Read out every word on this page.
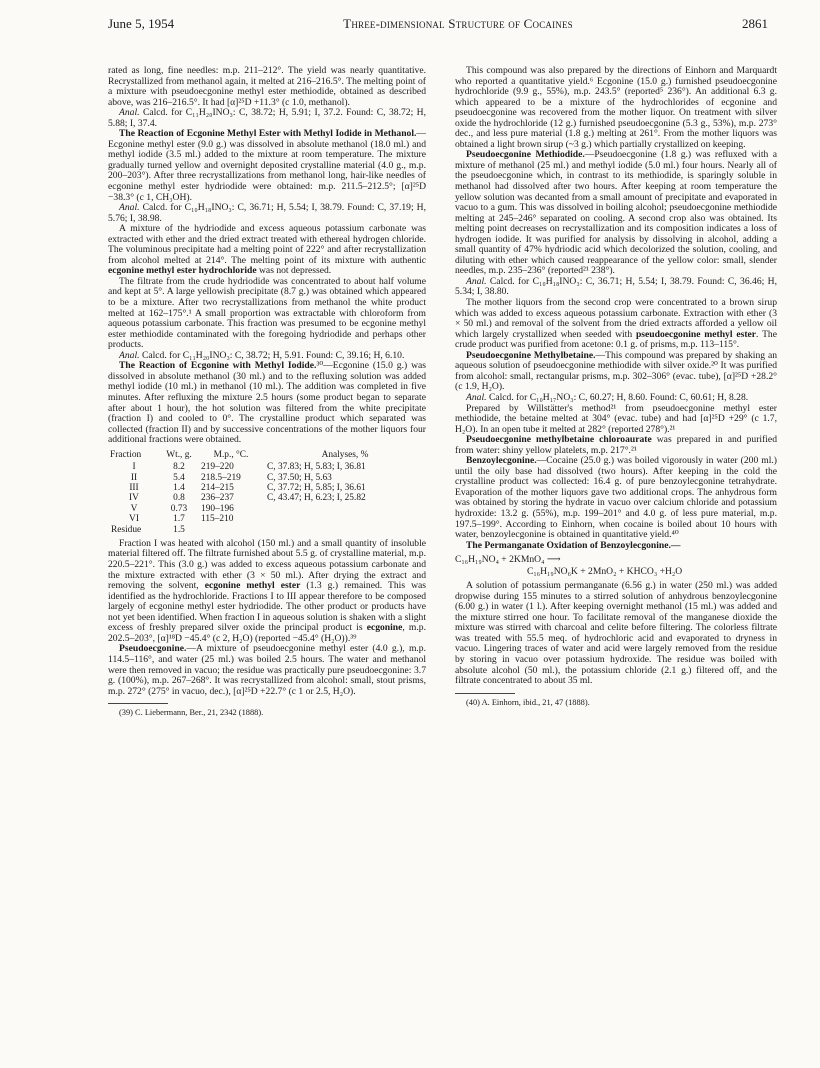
June 5, 1954	Three-dimensional Structure of Cocaines	2861

rated as long, fine needles: m.p. 211–212°. The yield was nearly quantitative. Recrystallized from methanol again, it melted at 216–216.5°. The melting point of a mixture with pseudoecgonine methyl ester methiodide, obtained as described above, was 216–216.5°. It had [α]²⁵D +11.3° (c 1.0, methanol).

Anal. Calcd. for C₁₁H₂₀INO₃: C, 38.72; H, 5.91; I, 37.2. Found: C, 38.72; H, 5.88; I, 37.4.

The Reaction of Ecgonine Methyl Ester with Methyl Iodide in Methanol.—Ecgonine methyl ester (9.0 g.) was dissolved in absolute methanol (18.0 ml.) and methyl iodide (3.5 ml.) added to the mixture at room temperature. The mixture gradually turned yellow and overnight deposited crystalline material (4.0 g., m.p. 200–203°). After three recrystallizations from methanol long, hair-like needles of ecgonine methyl ester hydriodide were obtained: m.p. 211.5–212.5°; [α]²⁵D −38.3° (c 1, CH₃OH).

Anal. Calcd. for C₁₀H₁₈INO₃: C, 36.71; H, 5.54; I, 38.79. Found: C, 37.19; H, 5.76; I, 38.98.

A mixture of the hydriodide and excess aqueous potassium carbonate was extracted with ether and the dried extract treated with ethereal hydrogen chloride. The voluminous precipitate had a melting point of 222° and after recrystallization from alcohol melted at 214°. The melting point of its mixture with authentic ecgonine methyl ester hydrochloride was not depressed.

The filtrate from the crude hydriodide was concentrated to about half volume and kept at 5°. A large yellowish precipitate (8.7 g.) was obtained which appeared to be a mixture. After two recrystallizations from methanol the white product melted at 162–175°.¹ A small proportion was extractable with chloroform from aqueous potassium carbonate. This fraction was presumed to be ecgonine methyl ester methiodide contaminated with the foregoing hydriodide and perhaps other products.

Anal. Calcd. for C₁₁H₂₀INO₃: C, 38.72; H, 5.91. Found: C, 39.16; H, 6.10.

The Reaction of Ecgonine with Methyl Iodide.³⁰—Ecgonine (15.0 g.) was dissolved in absolute methanol (30 ml.) and to the refluxing solution was added methyl iodide (10 ml.) in methanol (10 ml.). The addition was completed in five minutes. After refluxing the mixture 2.5 hours (some product began to separate after about 1 hour), the hot solution was filtered from the white precipitate (fraction I) and cooled to 0°. The crystalline product which separated was collected (fraction II) and by successive concentrations of the mother liquors four additional fractions were obtained.

Fraction	Wt., g.	M.p., °C.	Analyses, %
I	8.2	219–220	C, 37.83; H, 5.83; I, 36.81
II	5.4	218.5–219	C, 37.50; H, 5.63
III	1.4	214–215	C, 37.72; H, 5.85; I, 36.61
IV	0.8	236–237	C, 43.47; H, 6.23; I, 25.82
V	0.73	190–196	
VI	1.7	115–210	
Residue	1.5		

Fraction I was heated with alcohol (150 ml.) and a small quantity of insoluble material filtered off. The filtrate furnished about 5.5 g. of crystalline material, m.p. 220.5–221°. This (3.0 g.) was added to excess aqueous potassium carbonate and the mixture extracted with ether (3 × 50 ml.). After drying the extract and removing the solvent, ecgonine methyl ester (1.3 g.) remained. This was identified as the hydrochloride. Fractions I to III appear therefore to be composed largely of ecgonine methyl ester hydriodide. The other product or products have not yet been identified. When fraction I in aqueous solution is shaken with a slight excess of freshly prepared silver oxide the principal product is ecgonine, m.p. 202.5–203°, [α]¹⁸D −45.4° (c 2, H₂O) (reported −45.4° (H₂O)).³⁹

Pseudoecgonine.—A mixture of pseudoecgonine methyl ester (4.0 g.), m.p. 114.5–116°, and water (25 ml.) was boiled 2.5 hours. The water and methanol were then removed in vacuo; the residue was practically pure pseudoecgonine: 3.7 g. (100%), m.p. 267–268°. It was recrystallized from alcohol: small, stout prisms, m.p. 272° (275° in vacuo, dec.), [α]²⁵D +22.7° (c 1 or 2.5, H₂O).

(39) C. Liebermann, Ber., 21, 2342 (1888).

This compound was also prepared by the directions of Einhorn and Marquardt who reported a quantitative yield.⁶ Ecgonine (15.0 g.) furnished pseudoecgonine hydrochloride (9.9 g., 55%), m.p. 243.5° (reported⁵ 236°). An additional 6.3 g. which appeared to be a mixture of the hydrochlorides of ecgonine and pseudoecgonine was recovered from the mother liquor. On treatment with silver oxide the hydrochloride (12 g.) furnished pseudoecgonine (5.3 g., 53%), m.p. 273° dec., and less pure material (1.8 g.) melting at 261°. From the mother liquors was obtained a light brown sirup (~3 g.) which partially crystallized on keeping.

Pseudoecgonine Methiodide.—Pseudoecgonine (1.8 g.) was refluxed with a mixture of methanol (25 ml.) and methyl iodide (5.0 ml.) four hours. Nearly all of the pseudoecgonine which, in contrast to its methiodide, is sparingly soluble in methanol had dissolved after two hours. After keeping at room temperature the yellow solution was decanted from a small amount of precipitate and evaporated in vacuo to a gum. This was dissolved in boiling alcohol; pseudoecgonine methiodide melting at 245–246° separated on cooling. A second crop also was obtained. Its melting point decreases on recrystallization and its composition indicates a loss of hydrogen iodide. It was purified for analysis by dissolving in alcohol, adding a small quantity of 47% hydriodic acid which decolorized the solution, cooling, and diluting with ether which caused reappearance of the yellow color: small, slender needles, m.p. 235–236° (reported²¹ 238°).

Anal. Calcd. for C₁₀H₁₈INO₃: C, 36.71; H, 5.54; I, 38.79. Found: C, 36.46; H, 5.34; I, 38.80.

The mother liquors from the second crop were concentrated to a brown sirup which was added to excess aqueous potassium carbonate. Extraction with ether (3 × 50 ml.) and removal of the solvent from the dried extracts afforded a yellow oil which largely crystallized when seeded with pseudoecgonine methyl ester. The crude product was purified from acetone: 0.1 g. of prisms, m.p. 113–115°.

Pseudoecgonine Methylbetaine.—This compound was prepared by shaking an aqueous solution of pseudoecgonine methiodide with silver oxide.²⁰ It was purified from alcohol: small, rectangular prisms, m.p. 302–306° (evac. tube), [α]²⁵D +28.2° (c 1.9, H₂O).

Anal. Calcd. for C₁₀H₁₇NO₃: C, 60.27; H, 8.60. Found: C, 60.61; H, 8.28.

Prepared by Willstätter's method²¹ from pseudoecgonine methyl ester methiodide, the betaine melted at 304° (evac. tube) and had [α]²⁵D +29° (c 1.7, H₂O). In an open tube it melted at 282° (reported 278°).²¹

Pseudoecgonine methylbetaine chloroaurate was prepared in and purified from water: shiny yellow platelets, m.p. 217°.²¹

Benzoylecgonine.—Cocaine (25.0 g.) was boiled vigorously in water (200 ml.) until the oily base had dissolved (two hours). After keeping in the cold the crystalline product was collected: 16.4 g. of pure benzoylecgonine tetrahydrate. Evaporation of the mother liquors gave two additional crops. The anhydrous form was obtained by storing the hydrate in vacuo over calcium chloride and potassium hydroxide: 13.2 g. (55%), m.p. 199–201° and 4.0 g. of less pure material, m.p. 197.5–199°. According to Einhorn, when cocaine is boiled about 10 hours with water, benzoylecgonine is obtained in quantitative yield.⁴⁰

The Permanganate Oxidation of Benzoylecgonine.—

C₁₆H₁₉NO₄ + 2KMnO₄ ⟶
C₁₆H₁₉NO₆K + 2MnO₂ + KHCO₃ +H₂O

A solution of potassium permanganate (6.56 g.) in water (250 ml.) was added dropwise during 155 minutes to a stirred solution of anhydrous benzoylecgonine (6.00 g.) in water (1 l.). After keeping overnight methanol (15 ml.) was added and the mixture stirred one hour. To facilitate removal of the manganese dioxide the mixture was stirred with charcoal and celite before filtering. The colorless filtrate was treated with 55.5 meq. of hydrochloric acid and evaporated to dryness in vacuo. Lingering traces of water and acid were largely removed from the residue by storing in vacuo over potassium hydroxide. The residue was boiled with absolute alcohol (50 ml.), the potassium chloride (2.1 g.) filtered off, and the filtrate concentrated to about 35 ml.

(40) A. Einhorn, ibid., 21, 47 (1888).
